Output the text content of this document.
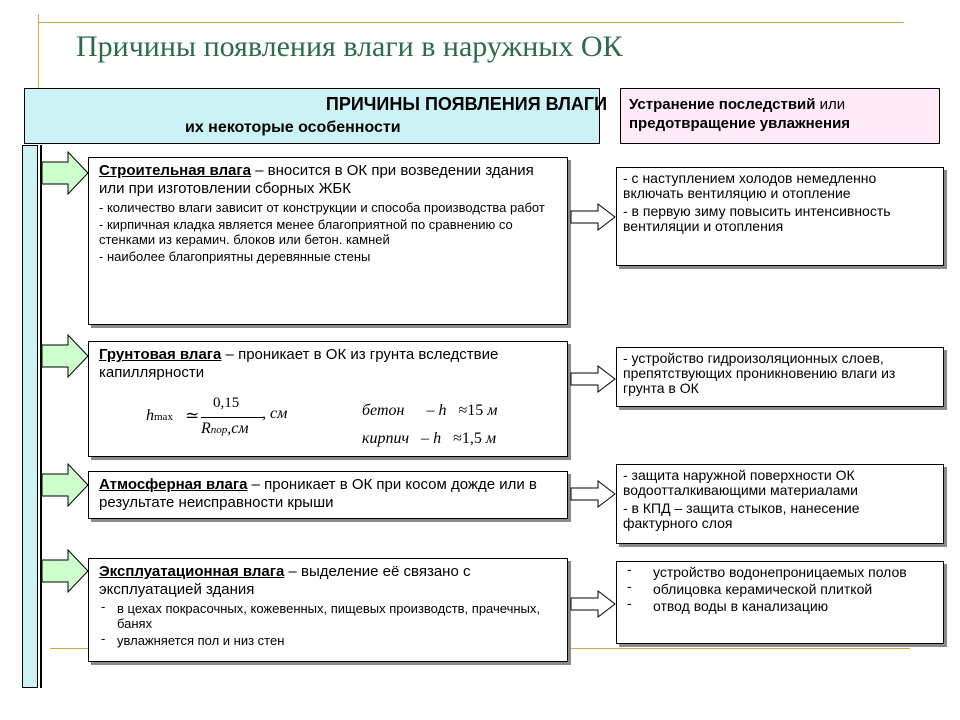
Причины появления влаги в наружных ОК
ПРИЧИНЫ ПОЯВЛЕНИЯ ВЛАГИ
их некоторые особенности
Устранение последствий или
предотвращение увлажнения
Строительная влага – вносится в ОК при возведении здания или при изготовлении сборных ЖБК
- количество влаги зависит от конструкции и способа производства работ
- кирпичная кладка является менее благоприятной по сравнению со стенками из керамич. блоков или бетон. камней
- наиболее благоприятны деревянные стены
Грунтовая влага – проникает в ОК из грунта вследствие капиллярности
hmax ≃
0,15
Rпор,см
, см	бетон – h ≈15 м
кирпич – h ≈1,5 м
Атмосферная влага – проникает в ОК при косом дожде или в результате неисправности крыши
Эксплуатационная влага – выделение её связано с эксплуатацией здания
- в цехах покрасочных, кожевенных, пищевых производств, прачечных, банях
- увлажняется пол и низ стен

- с наступлением холодов немедленно включать вентиляцию и отопление

- в первую зиму повысить интенсивность вентиляции и отопления

- устройство гидроизоляционных слоев, препятствующих проникновению влаги из грунта в ОК

- защита наружной поверхности ОК водоотталкивающими материалами

- в КПД – защита стыков, нанесение фактурного слоя

- устройство водонепроницаемых полов
- облицовка керамической плиткой
- отвод воды в канализацию
